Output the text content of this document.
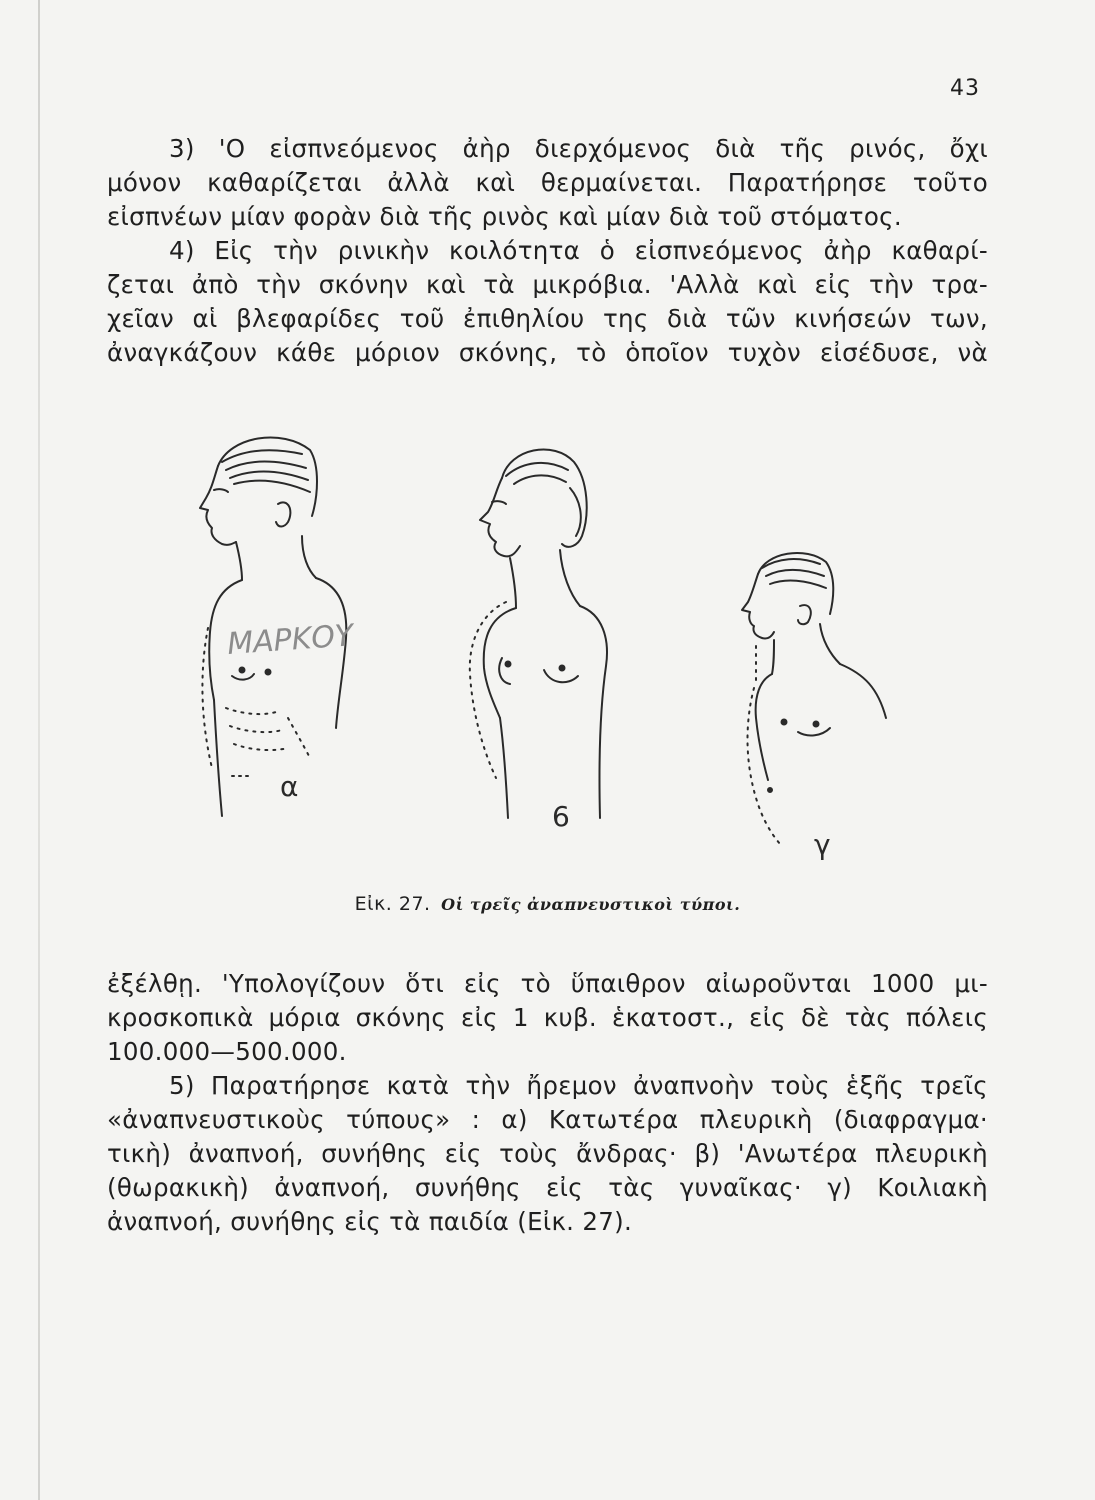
43

3) 'Ο εἰσπνεόμενος ἀὴρ διερχόμενος διὰ τῆς ρινός, ὄχι

μόνον καθαρίζεται ἀλλὰ καὶ θερμαίνεται. Παρατήρησε τοῦτο

εἰσπνέων μίαν φορὰν διὰ τῆς ρινὸς καὶ μίαν διὰ τοῦ στόματος.

4) Εἰς τὴν ρινικὴν κοιλότητα ὁ εἰσπνεόμενος ἀὴρ καθαρί-

ζεται ἀπὸ τὴν σκόνην καὶ τὰ μικρόβια. 'Αλλὰ καὶ εἰς τὴν τρα-

χεῖαν αἱ βλεφαρίδες τοῦ ἐπιθηλίου της διὰ τῶν κινήσεών των,

ἀναγκάζουν κάθε μόριον σκόνης, τὸ ὁποῖον τυχὸν εἰσέδυσε, νὰ

ΜΑΡΚΟΥ
α
6
γ
Εἰκ. 27. Οἱ τρεῖς ἀναπνευστικοὶ τύποι.

ἐξέλθῃ. 'Υπολογίζουν ὅτι εἰς τὸ ὕπαιθρον αἰωροῦνται 1000 μι-

κροσκοπικὰ μόρια σκόνης εἰς 1 κυβ. ἑκατοστ., εἰς δὲ τὰς πόλεις

100.000—500.000.

5) Παρατήρησε κατὰ τὴν ἤρεμον ἀναπνοὴν τοὺς ἑξῆς τρεῖς

«ἀναπνευστικοὺς τύπους» : α) Κατωτέρα πλευρικὴ (διαφραγμα·

τικὴ) ἀναπνοή, συνήθης εἰς τοὺς ἄνδρας· β) 'Ανωτέρα πλευρικὴ

(θωρακικὴ) ἀναπνοή, συνήθης εἰς τὰς γυναῖκας· γ) Κοιλιακὴ

ἀναπνοή, συνήθης εἰς τὰ παιδία (Εἰκ. 27).
